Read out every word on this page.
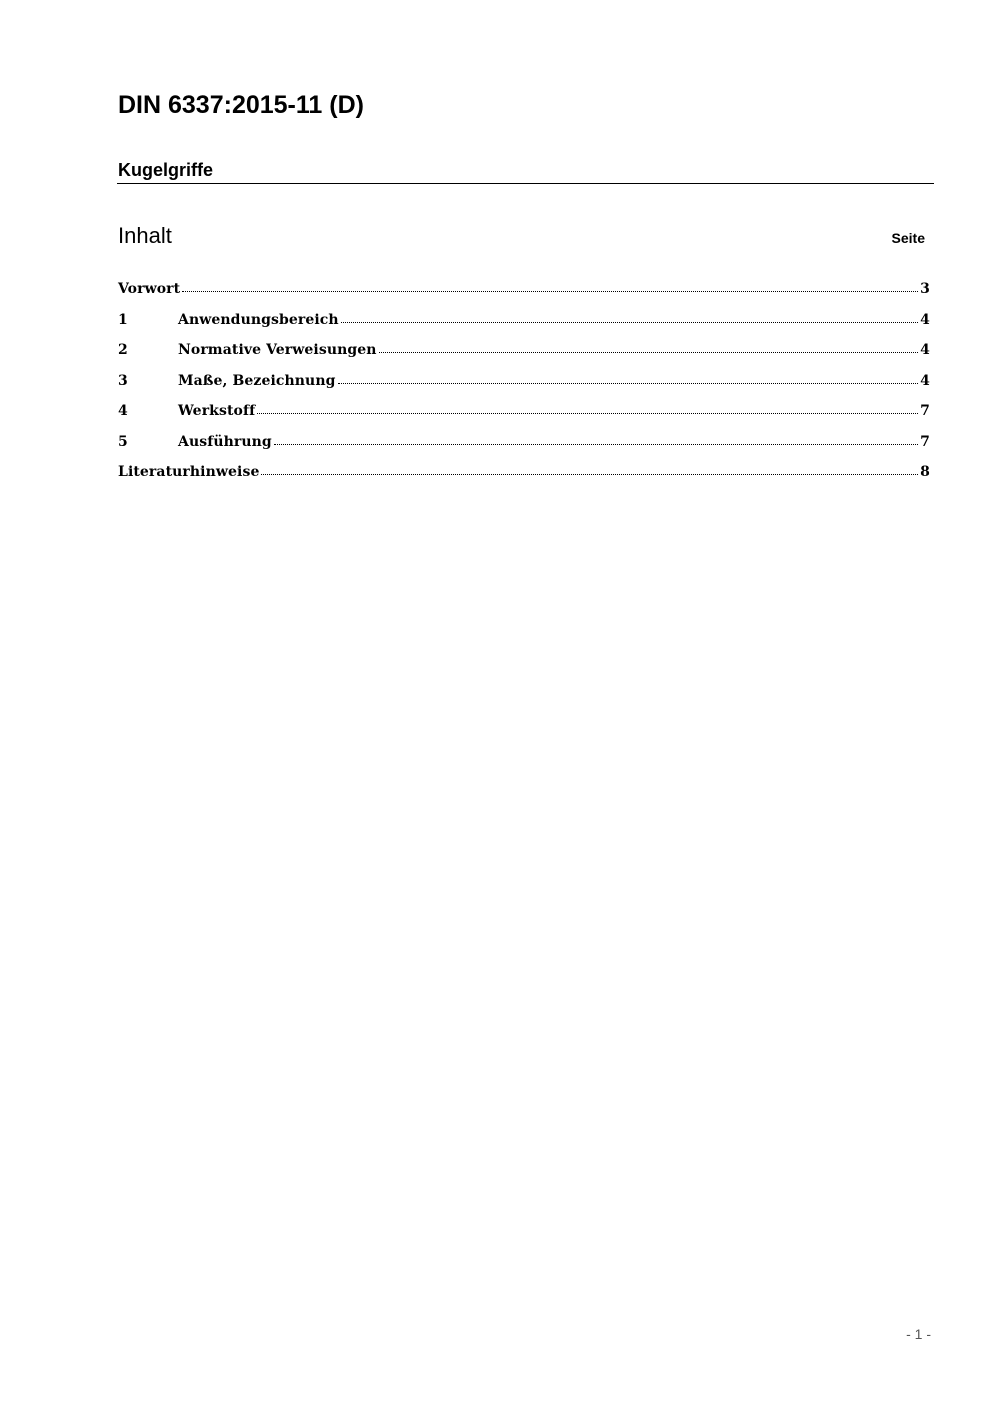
DIN 6337:2015-11 (D)
Kugelgriffe
Inhalt	Seite
Vorwort	3
1	Anwendungsbereich	4
2	Normative Verweisungen	4
3	Maße, Bezeichnung	4
4	Werkstoff	7
5	Ausführung	7
Literaturhinweise	8
- 1 -
